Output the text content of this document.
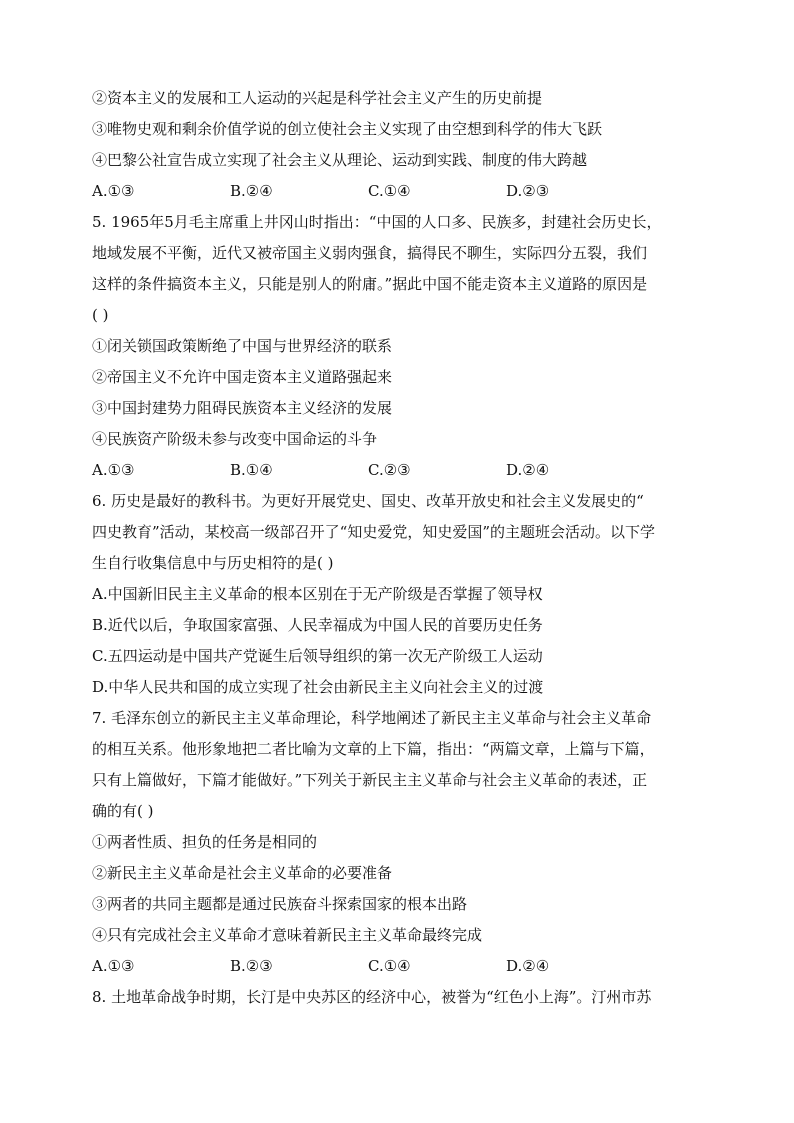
②资本主义的发展和工人运动的兴起是科学社会主义产生的历史前提
③唯物史观和剩余价值学说的创立使社会主义实现了由空想到科学的伟大飞跃
④巴黎公社宣告成立实现了社会主义从理论、运动到实践、制度的伟大跨越
A.①③	B.②④	C.①④	D.②③
5. 1965年5月毛主席重上井冈山时指出：“中国的人口多、民族多，封建社会历史长，
地域发展不平衡，近代又被帝国主义弱肉强食，搞得民不聊生，实际四分五裂，我们
这样的条件搞资本主义，只能是别人的附庸。”据此中国不能走资本主义道路的原因是
( )
①闭关锁国政策断绝了中国与世界经济的联系
②帝国主义不允许中国走资本主义道路强起来
③中国封建势力阻碍民族资本主义经济的发展
④民族资产阶级未参与改变中国命运的斗争
A.①③	B.①④	C.②③	D.②④
6. 历史是最好的教科书。为更好开展党史、国史、改革开放史和社会主义发展史的“
四史教育”活动，某校高一级部召开了“知史爱党，知史爱国”的主题班会活动。以下学
生自行收集信息中与历史相符的是( )
A.中国新旧民主主义革命的根本区别在于无产阶级是否掌握了领导权
B.近代以后，争取国家富强、人民幸福成为中国人民的首要历史任务
C.五四运动是中国共产党诞生后领导组织的第一次无产阶级工人运动
D.中华人民共和国的成立实现了社会由新民主主义向社会主义的过渡
7. 毛泽东创立的新民主主义革命理论，科学地阐述了新民主主义革命与社会主义革命
的相互关系。他形象地把二者比喻为文章的上下篇，指出：“两篇文章，上篇与下篇，
只有上篇做好，下篇才能做好。”下列关于新民主主义革命与社会主义革命的表述，正
确的有( )
①两者性质、担负的任务是相同的
②新民主主义革命是社会主义革命的必要准备
③两者的共同主题都是通过民族奋斗探索国家的根本出路
④只有完成社会主义革命才意味着新民主主义革命最终完成
A.①③	B.②③	C.①④	D.②④
8. 土地革命战争时期，长汀是中央苏区的经济中心，被誉为“红色小上海”。汀州市苏
